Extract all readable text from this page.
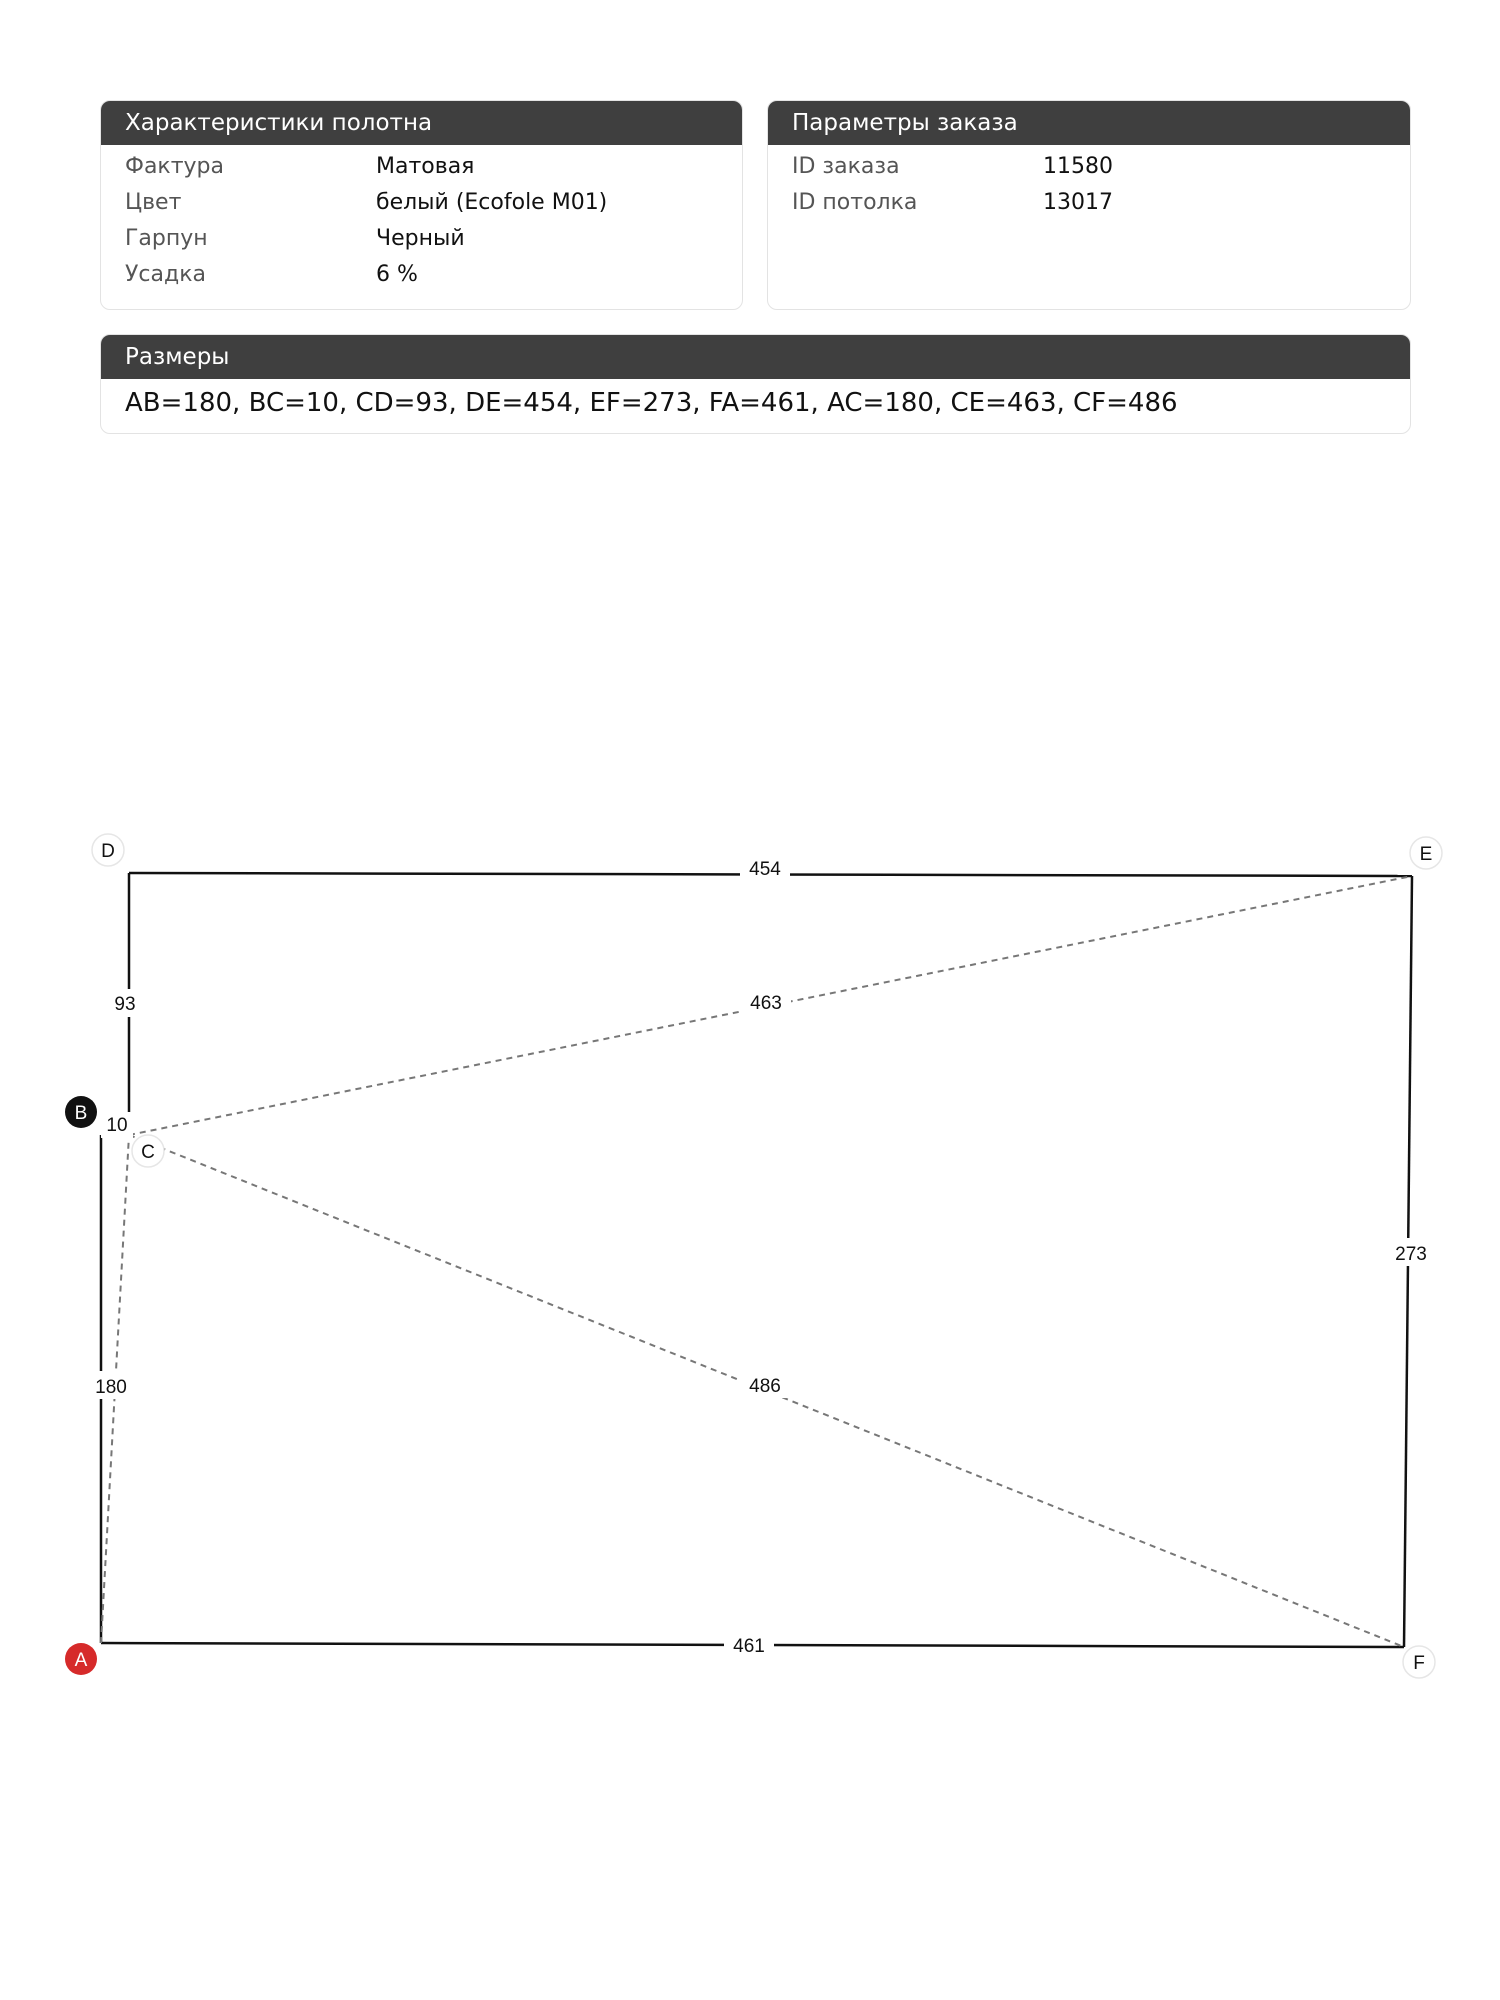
Характеристики полотна
Фактура	Матовая
Цвет	белый (Ecofole M01)
Гарпун	Черный
Усадка	6 %
Параметры заказа
ID заказа	11580
ID потолка	13017
Размеры
AB=180, BC=10, CD=93, DE=454, EF=273, FA=461, AC=180, CE=463, CF=486
454
93	463
10
273
180	486
461
D	E
B
C
A	F
